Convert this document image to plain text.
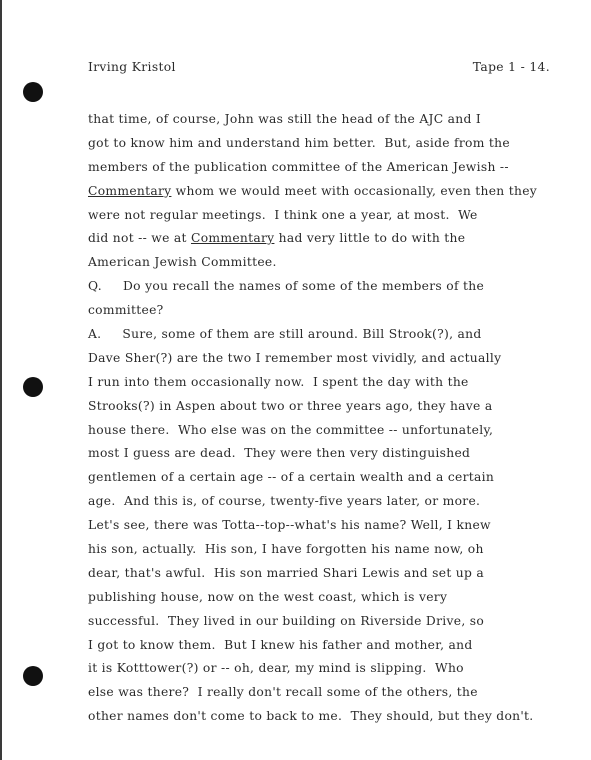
Irving Kristol	Tape 1 - 14.
that time, of course, John was still the head of the AJC and I
got to know him and understand him better.  But, aside from the
members of the publication committee of the American Jewish --
Commentary whom we would meet with occasionally, even then they
were not regular meetings.  I think one a year, at most.  We
did not -- we at Commentary had very little to do with the
American Jewish Committee.
Q.     Do you recall the names of some of the members of the
committee?
A.     Sure, some of them are still around. Bill Strook(?), and
Dave Sher(?) are the two I remember most vividly, and actually
I run into them occasionally now.  I spent the day with the
Strooks(?) in Aspen about two or three years ago, they have a
house there.  Who else was on the committee -- unfortunately,
most I guess are dead.  They were then very distinguished
gentlemen of a certain age -- of a certain wealth and a certain
age.  And this is, of course, twenty-five years later, or more.
Let's see, there was Totta--top--what's his name? Well, I knew
his son, actually.  His son, I have forgotten his name now, oh
dear, that's awful.  His son married Shari Lewis and set up a
publishing house, now on the west coast, which is very
successful.  They lived in our building on Riverside Drive, so
I got to know them.  But I knew his father and mother, and
it is Kotttower(?) or -- oh, dear, my mind is slipping.  Who
else was there?  I really don't recall some of the others, the
other names don't come to back to me.  They should, but they don't.
